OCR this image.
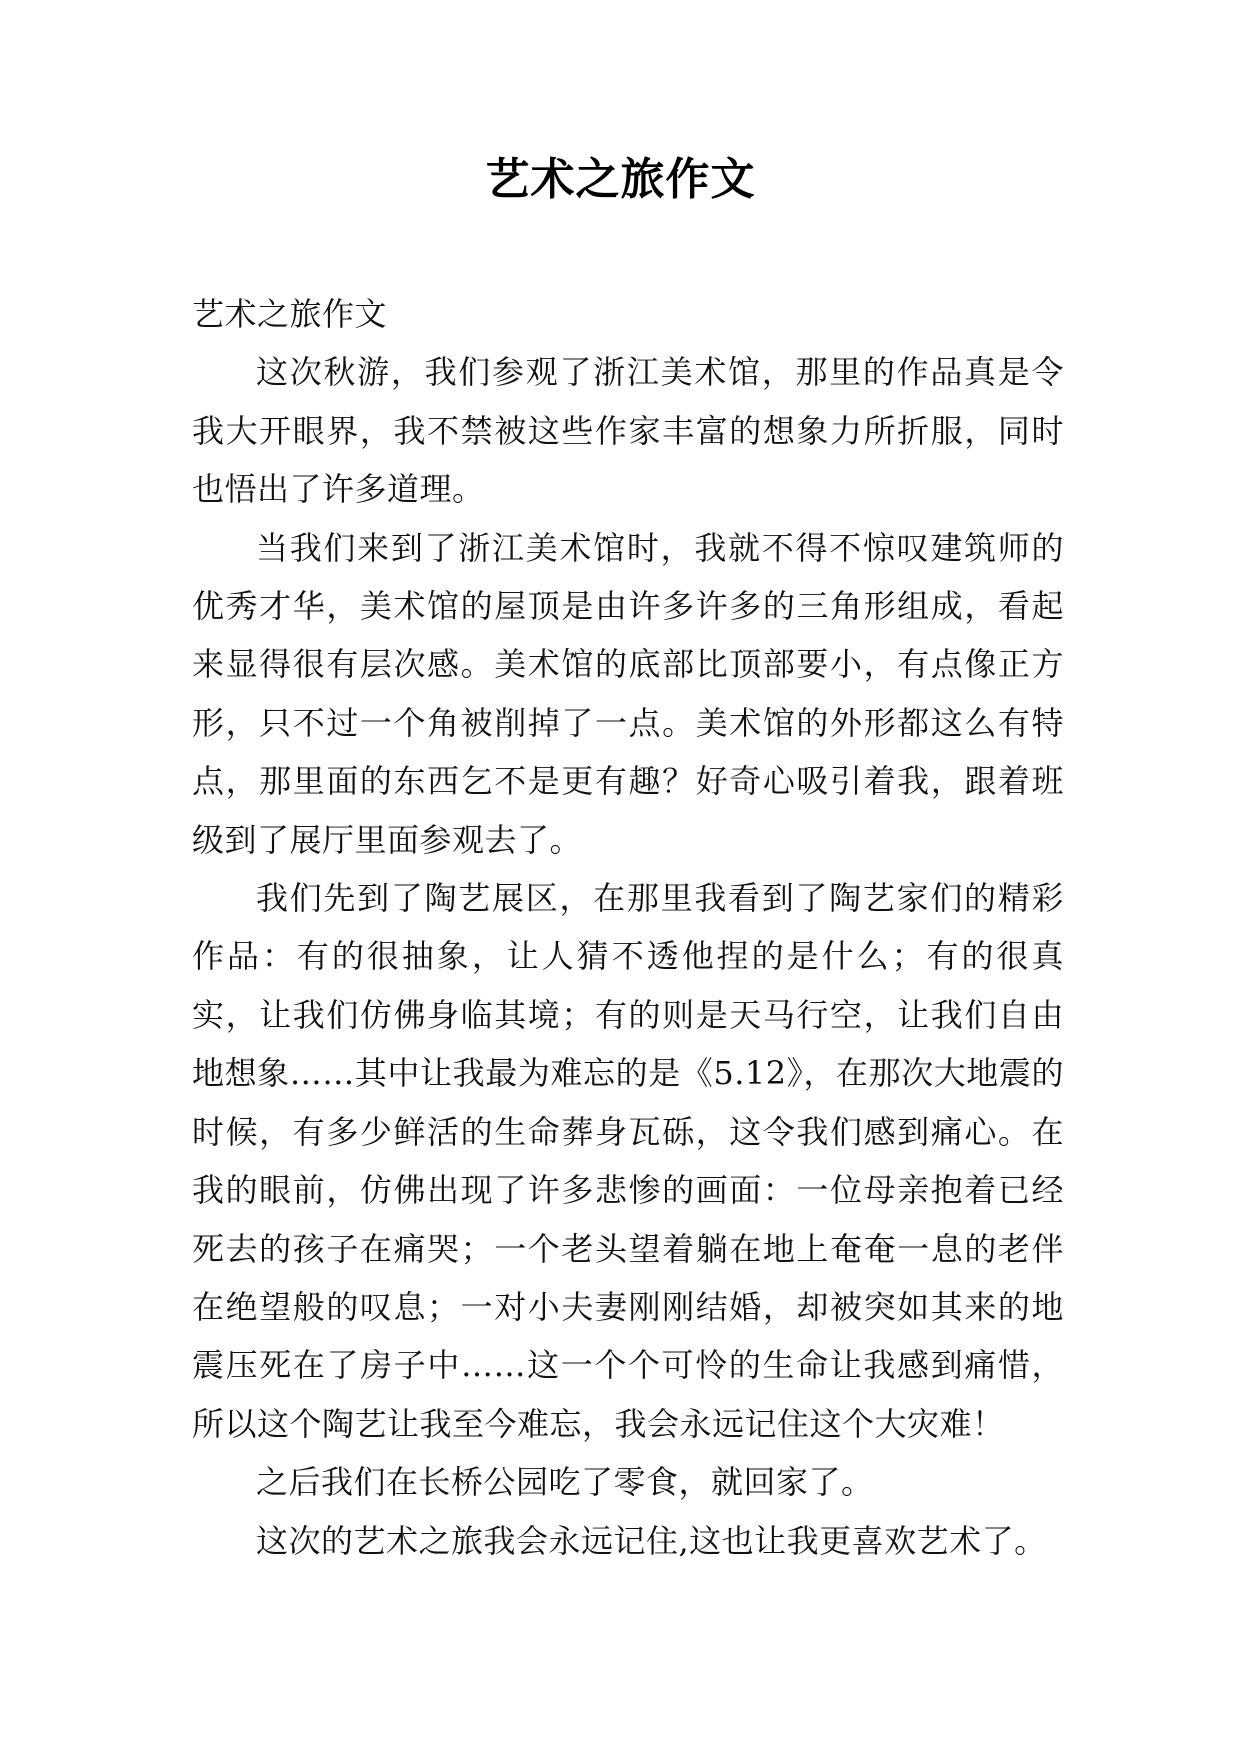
艺术之旅作文

艺术之旅作文

这次秋游，我们参观了浙江美术馆，那里的作品真是令我大开眼界，我不禁被这些作家丰富的想象力所折服，同时也悟出了许多道理。

当我们来到了浙江美术馆时，我就不得不惊叹建筑师的优秀才华，美术馆的屋顶是由许多许多的三角形组成，看起来显得很有层次感。美术馆的底部比顶部要小，有点像正方形，只不过一个角被削掉了一点。美术馆的外形都这么有特点，那里面的东西乞不是更有趣？好奇心吸引着我，跟着班级到了展厅里面参观去了。

我们先到了陶艺展区，在那里我看到了陶艺家们的精彩作品：有的很抽象，让人猜不透他捏的是什么；有的很真实，让我们仿佛身临其境；有的则是天马行空，让我们自由地想象……其中让我最为难忘的是《5.12》，在那次大地震的时候，有多少鲜活的生命葬身瓦砾，这令我们感到痛心。在我的眼前，仿佛出现了许多悲惨的画面：一位母亲抱着已经死去的孩子在痛哭；一个老头望着躺在地上奄奄一息的老伴在绝望般的叹息；一对小夫妻刚刚结婚，却被突如其来的地震压死在了房子中……这一个个可怜的生命让我感到痛惜，所以这个陶艺让我至今难忘，我会永远记住这个大灾难！

之后我们在长桥公园吃了零食，就回家了。

这次的艺术之旅我会永远记住,这也让我更喜欢艺术了。
